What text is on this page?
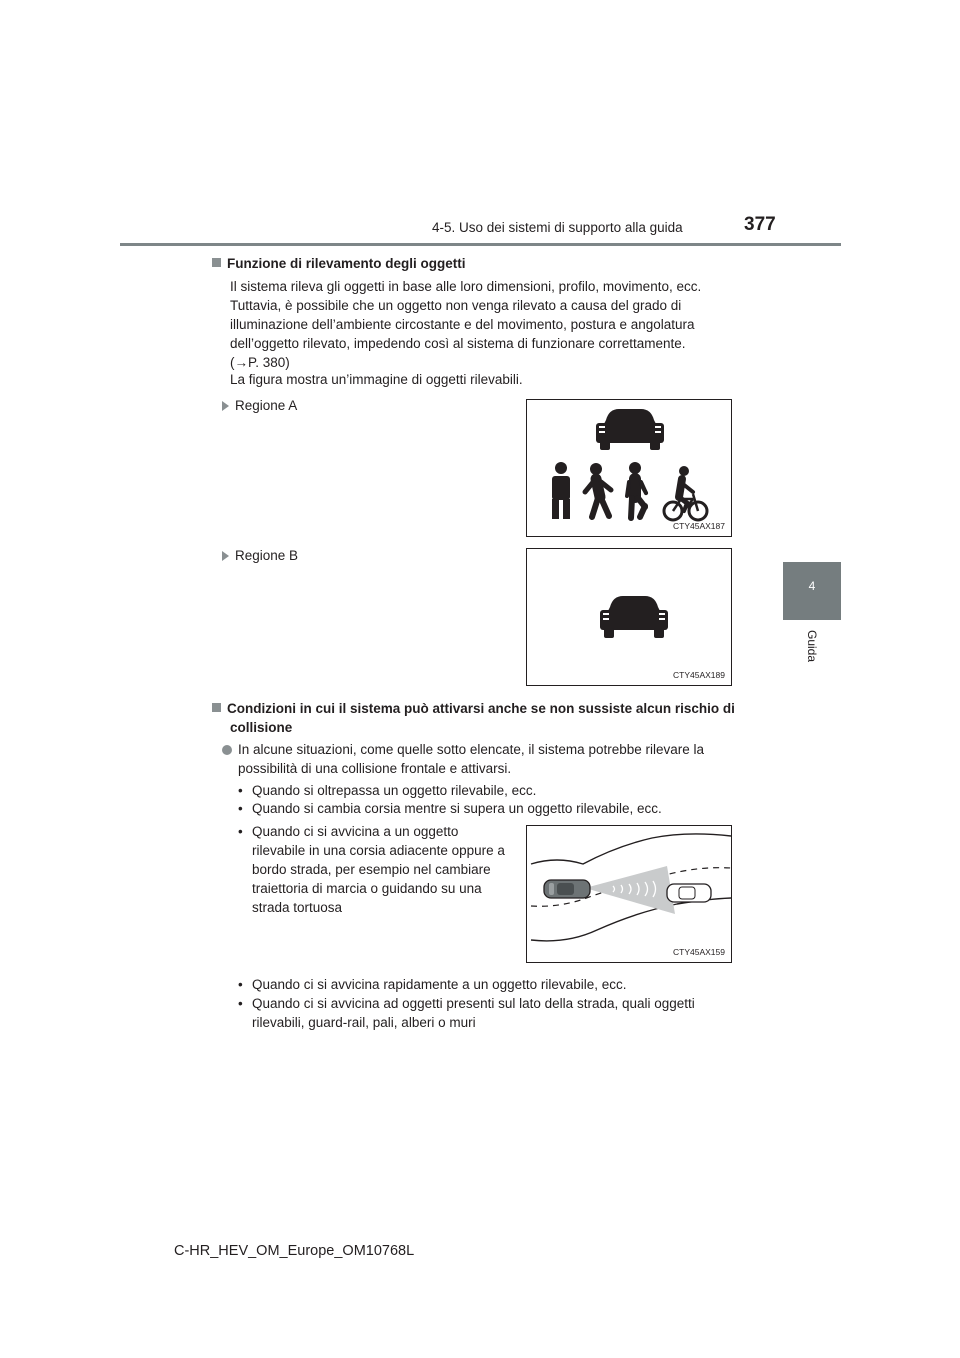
4-5. Uso dei sistemi di supporto alla guida	377
4
Guida
Funzione di rilevamento degli oggetti
Il sistema rileva gli oggetti in base alle loro dimensioni, profilo, movimento, ecc.
Tuttavia, è possibile che un oggetto non venga rilevato a causa del grado di
illuminazione dell’ambiente circostante e del movimento, postura e angolatura
dell’oggetto rilevato, impedendo così al sistema di funzionare correttamente.
(→P. 380)
La figura mostra un’immagine di oggetti rilevabili.
Regione A
CTY45AX187
Regione B
CTY45AX189
Condizioni in cui il sistema può attivarsi anche se non sussiste alcun rischio di
collisione
In alcune situazioni, come quelle sotto elencate, il sistema potrebbe rilevare la
possibilità di una collisione frontale e attivarsi.
• Quando si oltrepassa un oggetto rilevabile, ecc.
• Quando si cambia corsia mentre si supera un oggetto rilevabile, ecc.
• Quando ci si avvicina a un oggetto
rilevabile in una corsia adiacente oppure a
bordo strada, per esempio nel cambiare
traiettoria di marcia o guidando su una
strada tortuosa
CTY45AX159
• Quando ci si avvicina rapidamente a un oggetto rilevabile, ecc.
• Quando ci si avvicina ad oggetti presenti sul lato della strada, quali oggetti
rilevabili, guard-rail, pali, alberi o muri
C-HR_HEV_OM_Europe_OM10768L
